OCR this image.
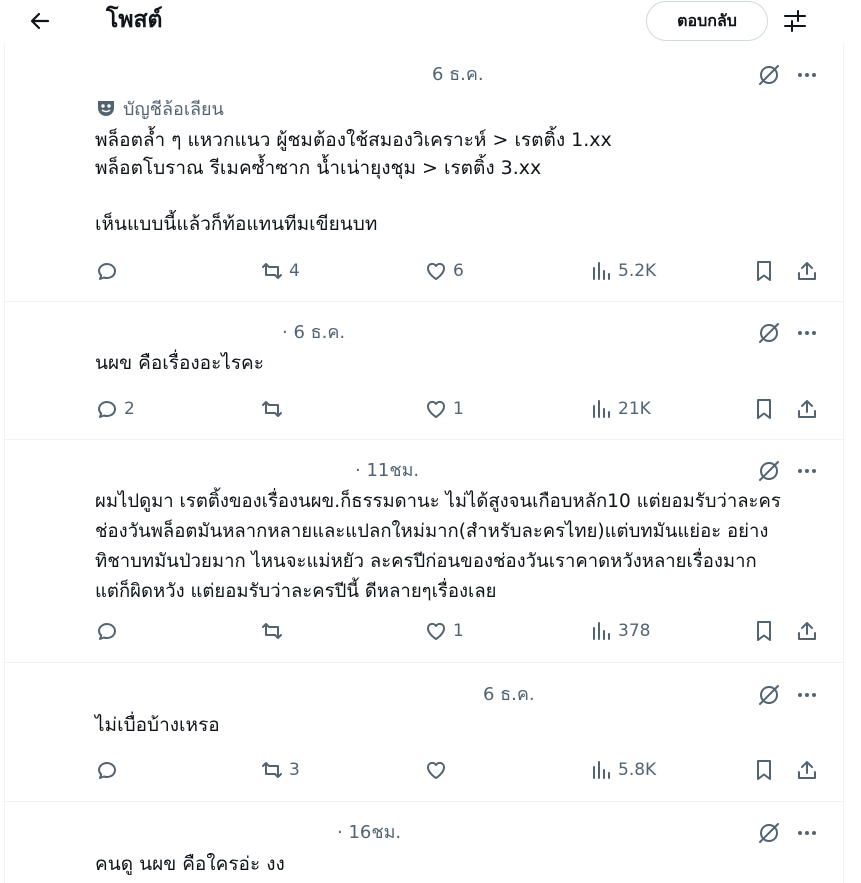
โพสต์	ตอบกลับ
6 ธ.ค.
บัญชีล้อเลียน
พล็อตล้ำ ๆ แหวกแนว ผู้ชมต้องใช้สมองวิเคราะห์ > เรตติ้ง 1.xx
พล็อตโบราณ รีเมคซ้ำซาก น้ำเน่ายุงชุม > เรตติ้ง 3.xx

เห็นแบบนี้แล้วก็ท้อแทนทีมเขียนบท
4	6	5.2K
· 6 ธ.ค.
นผข คือเรื่องอะไรคะ
2	1	21K
· 11ชม.
ผมไปดูมา เรตติ้งของเรื่องนผข.ก็ธรรมดานะ ไม่ได้สูงจนเกือบหลัก10 แต่ยอมรับว่าละคร
ช่องวันพล็อตมันหลากหลายและแปลกใหม่มาก(สำหรับละครไทย)แต่บทมันแย่อะ อย่าง
ทิชาบทมันป่วยมาก ไหนจะแม่หยัว ละครปีก่อนของช่องวันเราคาดหวังหลายเรื่องมาก
แต่ก็ผิดหวัง แต่ยอมรับว่าละครปีนี้ ดีหลายๆเรื่องเลย
1	378
6 ธ.ค.
ไม่เบื่อบ้างเหรอ
3	5.8K
· 16ชม.
คนดู นผข คือใครอ่ะ งง
